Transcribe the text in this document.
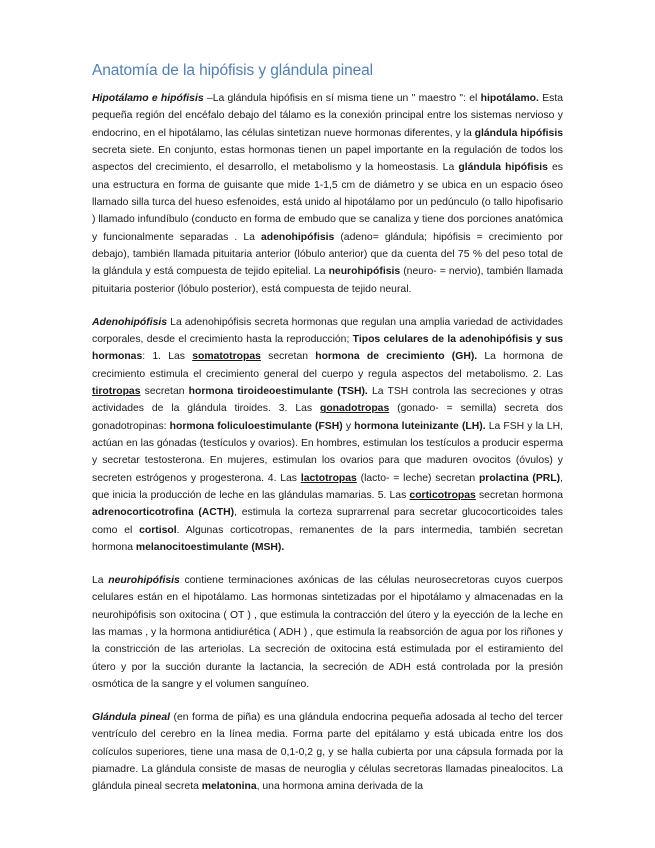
Anatomía de la hipófisis y glándula pineal

Hipotálamo e hipófisis –La glándula hipófisis en sí misma tiene un " maestro ": el hipotálamo. Esta pequeña región del encéfalo debajo del tálamo es la conexión principal entre los sistemas nervioso y endocrino, en el hipotálamo, las células sintetizan nueve hormonas diferentes, y la glándula hipófisis secreta siete. En conjunto, estas hormonas tienen un papel importante en la regulación de todos los aspectos del crecimiento, el desarrollo, el metabolismo y la homeostasis. La glándula hipófisis es una estructura en forma de guisante que mide 1-1,5 cm de diámetro y se ubica en un espacio óseo llamado silla turca del hueso esfenoides, está unido al hipotálamo por un pedúnculo (o tallo hipofisario ) llamado infundíbulo (conducto en forma de embudo que se canaliza y tiene dos porciones anatómica y funcionalmente separadas . La adenohipófisis (adeno= glándula; hipófisis = crecimiento por debajo), también llamada pituitaria anterior (lóbulo anterior) que da cuenta del 75 % del peso total de la glándula y está compuesta de tejido epitelial. La neurohipófisis (neuro- = nervio), también llamada pituitaria posterior (lóbulo posterior), está compuesta de tejido neural.

Adenohipófisis La adenohipófisis secreta hormonas que regulan una amplia variedad de actividades corporales, desde el crecimiento hasta la reproducción; Tipos celulares de la adenohipófisis y sus hormonas: 1. Las somatotropas secretan hormona de crecimiento (GH). La hormona de crecimiento estimula el crecimiento general del cuerpo y regula aspectos del metabolismo. 2. Las tirotropas secretan hormona tiroideoestimulante (TSH). La TSH controla las secreciones y otras actividades de la glándula tiroides. 3. Las gonadotropas (gonado- = semilla) secreta dos gonadotropinas: hormona foliculoestimulante (FSH) y hormona luteinizante (LH). La FSH y la LH, actúan en las gónadas (testículos y ovarios). En hombres, estimulan los testículos a producir esperma y secretar testosterona. En mujeres, estimulan los ovarios para que maduren ovocitos (óvulos) y secreten estrógenos y progesterona. 4. Las lactotropas (lacto- = leche) secretan prolactina (PRL), que inicia la producción de leche en las glándulas mamarias. 5. Las corticotropas secretan hormona adrenocorticotrofina (ACTH), estimula la corteza suprarrenal para secretar glucocorticoides tales como el cortisol. Algunas corticotropas, remanentes de la pars intermedia, también secretan hormona melanocitoestimulante (MSH).

La neurohipófisis contiene terminaciones axónicas de las células neurosecretoras cuyos cuerpos celulares están en el hipotálamo. Las hormonas sintetizadas por el hipotálamo y almacenadas en la neurohipófisis son oxitocina ( OT ) , que estimula la contracción del útero y la eyección de la leche en las mamas , y la hormona antidiurética ( ADH ) , que estimula la reabsorción de agua por los riñones y la constricción de las arteriolas. La secreción de oxitocina está estimulada por el estiramiento del útero y por la succión durante la lactancia, la secreción de ADH está controlada por la presión osmótica de la sangre y el volumen sanguíneo.

Glándula pineal (en forma de piña) es una glándula endocrina pequeña adosada al techo del tercer ventrículo del cerebro en la línea media. Forma parte del epitálamo y está ubicada entre los dos colículos superiores, tiene una masa de 0,1-0,2 g, y se halla cubierta por una cápsula formada por la piamadre. La glándula consiste de masas de neuroglia y células secretoras llamadas pinealocitos. La glándula pineal secreta melatonina, una hormona amina derivada de la
